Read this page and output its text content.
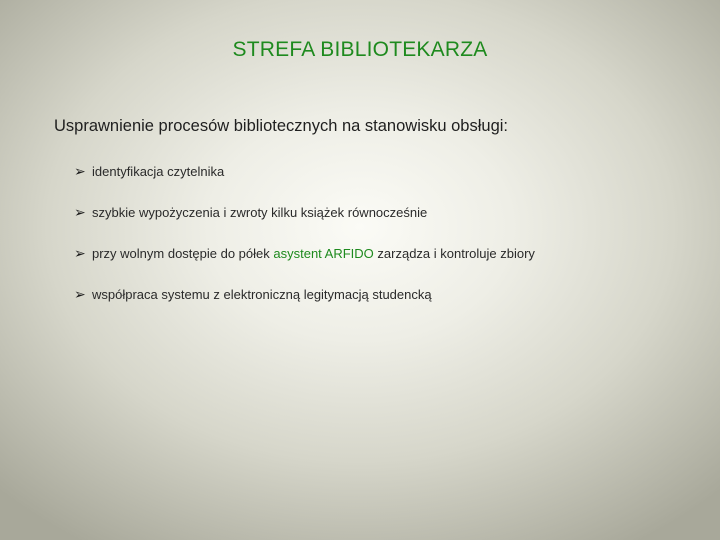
STREFA BIBLIOTEKARZA
Usprawnienie procesów bibliotecznych na stanowisku obsługi:
➢ identyfikacja czytelnika
➢ szybkie wypożyczenia i zwroty kilku książek równocześnie
➢ przy wolnym dostępie do półek asystent ARFIDO zarządza i kontroluje zbiory
➢ współpraca systemu z elektroniczną legitymacją studencką
